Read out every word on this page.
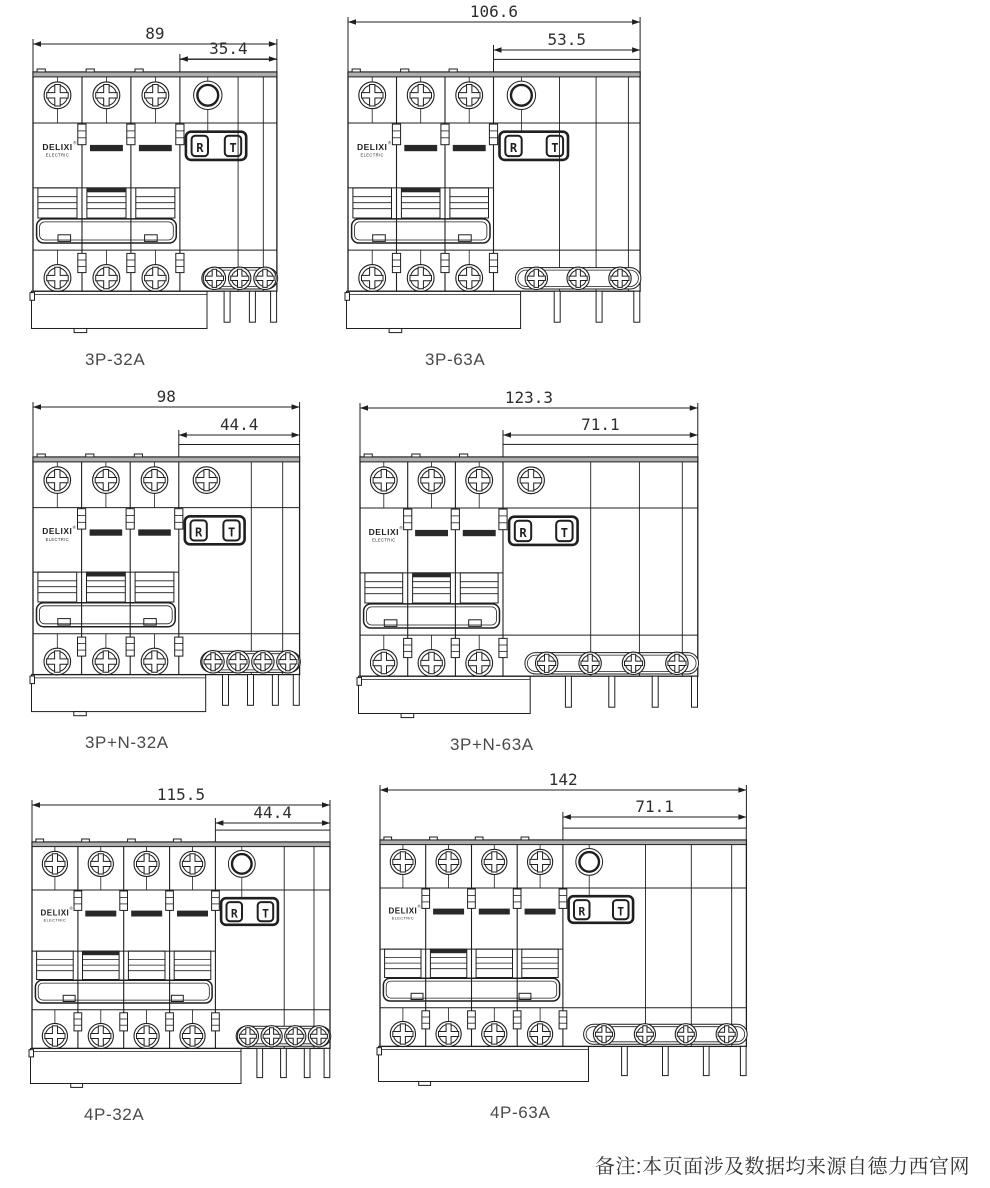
89
35.4
DELIXI ®
ELECTRIC	R T
3P-32A
106.6
53.5
DELIXI ®
ELECTRIC	R	T
3P-63A
98
44.4
DELIXI ®
ELECTRIC	R T
3P+N-32A
123.3
71.1
DELIXI ®
ELECTRIC	R	T
3P+N-63A
115.5
44.4
DELIXI ®
ELECTRIC	R T
4P-32A
142
71.1
DELIXI ®
ELECTRIC	R	T
4P-63A
备注:本页面涉及数据均来源自德力西官网
